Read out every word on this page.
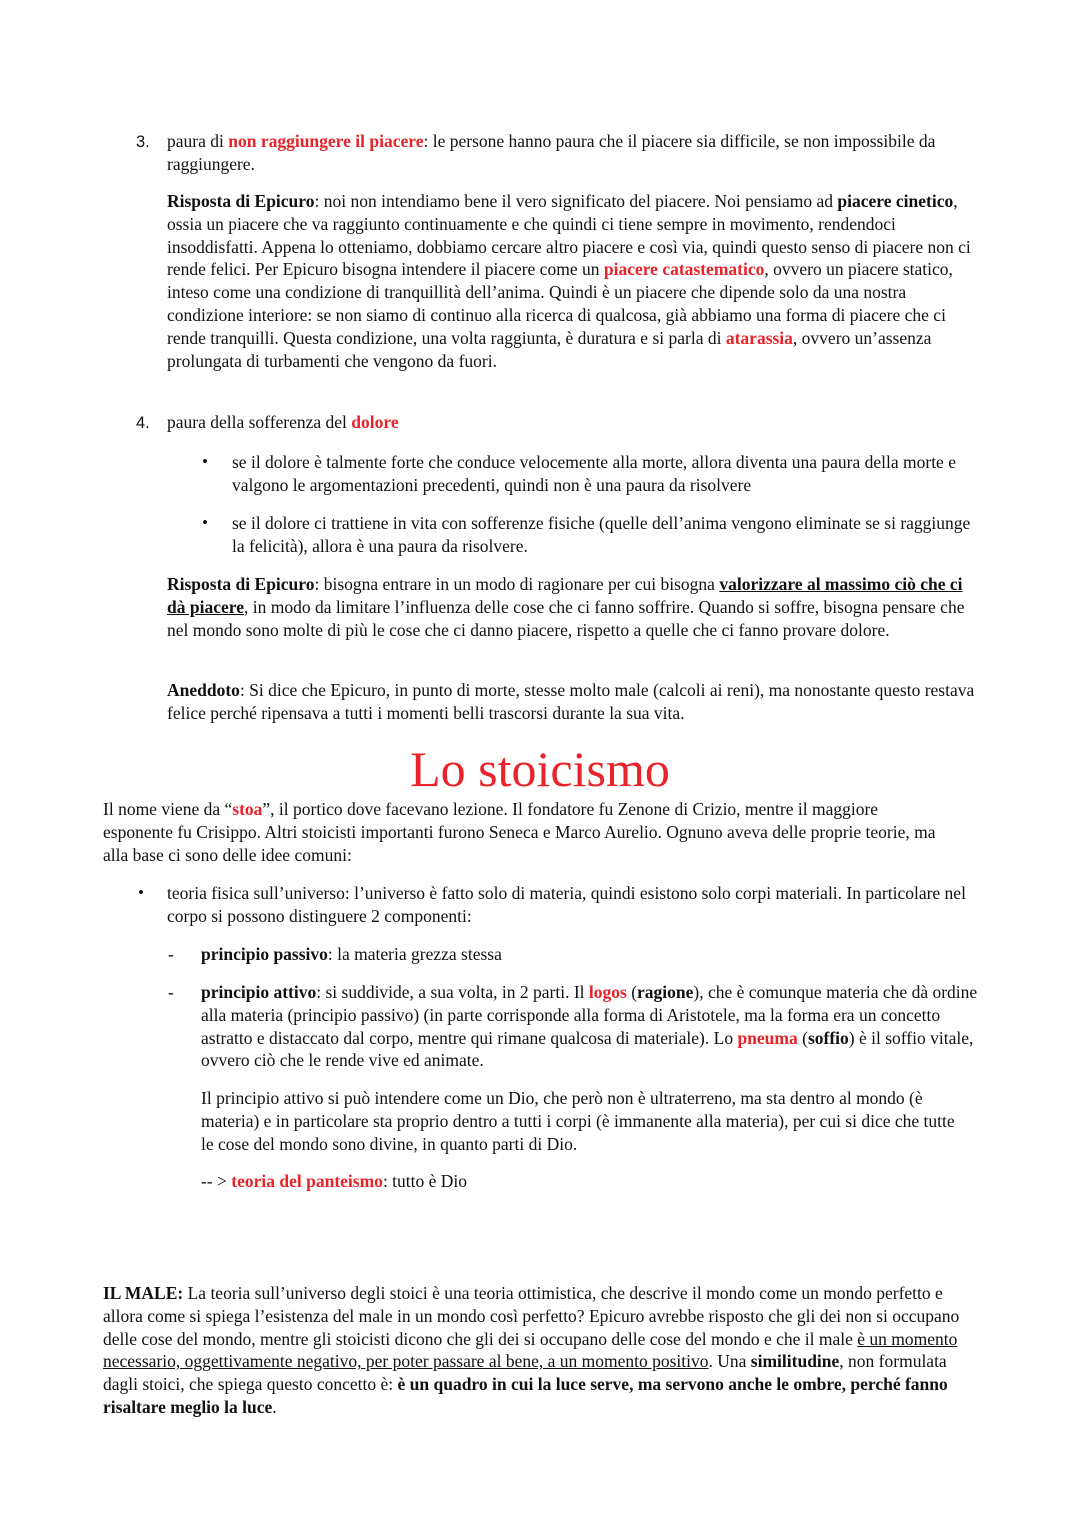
3. paura di non raggiungere il piacere: le persone hanno paura che il piacere sia difficile, se non impossibile da raggiungere.

Risposta di Epicuro: noi non intendiamo bene il vero significato del piacere. Noi pensiamo ad piacere cinetico, ossia un piacere che va raggiunto continuamente e che quindi ci tiene sempre in movimento, rendendoci insoddisfatti. Appena lo otteniamo, dobbiamo cercare altro piacere e così via, quindi questo senso di piacere non ci rende felici. Per Epicuro bisogna intendere il piacere come un piacere catastematico, ovvero un piacere statico, inteso come una condizione di tranquillità dell’anima. Quindi è un piacere che dipende solo da una nostra condizione interiore: se non siamo di continuo alla ricerca di qualcosa, già abbiamo una forma di piacere che ci rende tranquilli. Questa condizione, una volta raggiunta, è duratura e si parla di atarassia, ovvero un’assenza prolungata di turbamenti che vengono da fuori.

4. paura della sofferenza del dolore

• se il dolore è talmente forte che conduce velocemente alla morte, allora diventa una paura della morte e valgono le argomentazioni precedenti, quindi non è una paura da risolvere

• se il dolore ci trattiene in vita con sofferenze fisiche (quelle dell’anima vengono eliminate se si raggiunge la felicità), allora è una paura da risolvere.

Risposta di Epicuro: bisogna entrare in un modo di ragionare per cui bisogna valorizzare al massimo ciò che ci dà piacere, in modo da limitare l’influenza delle cose che ci fanno soffrire. Quando si soffre, bisogna pensare che nel mondo sono molte di più le cose che ci danno piacere, rispetto a quelle che ci fanno provare dolore.

Aneddoto: Si dice che Epicuro, in punto di morte, stesse molto male (calcoli ai reni), ma nonostante questo restava felice perché ripensava a tutti i momenti belli trascorsi durante la sua vita.

Lo stoicismo

Il nome viene da “stoa”, il portico dove facevano lezione. Il fondatore fu Zenone di Crizio, mentre il maggiore esponente fu Crisippo. Altri stoicisti importanti furono Seneca e Marco Aurelio. Ognuno aveva delle proprie teorie, ma alla base ci sono delle idee comuni:

• teoria fisica sull’universo: l’universo è fatto solo di materia, quindi esistono solo corpi materiali. In particolare nel corpo si possono distinguere 2 componenti:

- principio passivo: la materia grezza stessa

- principio attivo: si suddivide, a sua volta, in 2 parti. Il logos (ragione), che è comunque materia che dà ordine alla materia (principio passivo) (in parte corrisponde alla forma di Aristotele, ma la forma era un concetto astratto e distaccato dal corpo, mentre qui rimane qualcosa di materiale). Lo pneuma (soffio) è il soffio vitale, ovvero ciò che le rende vive ed animate.

Il principio attivo si può intendere come un Dio, che però non è ultraterreno, ma sta dentro al mondo (è materia) e in particolare sta proprio dentro a tutti i corpi (è immanente alla materia), per cui si dice che tutte le cose del mondo sono divine, in quanto parti di Dio.

-- > teoria del panteismo: tutto è Dio

IL MALE: La teoria sull’universo degli stoici è una teoria ottimistica, che descrive il mondo come un mondo perfetto e allora come si spiega l’esistenza del male in un mondo così perfetto? Epicuro avrebbe risposto che gli dei non si occupano delle cose del mondo, mentre gli stoicisti dicono che gli dei si occupano delle cose del mondo e che il male è un momento necessario, oggettivamente negativo, per poter passare al bene, a un momento positivo. Una similitudine, non formulata dagli stoici, che spiega questo concetto è: è un quadro in cui la luce serve, ma servono anche le ombre, perché fanno risaltare meglio la luce.
